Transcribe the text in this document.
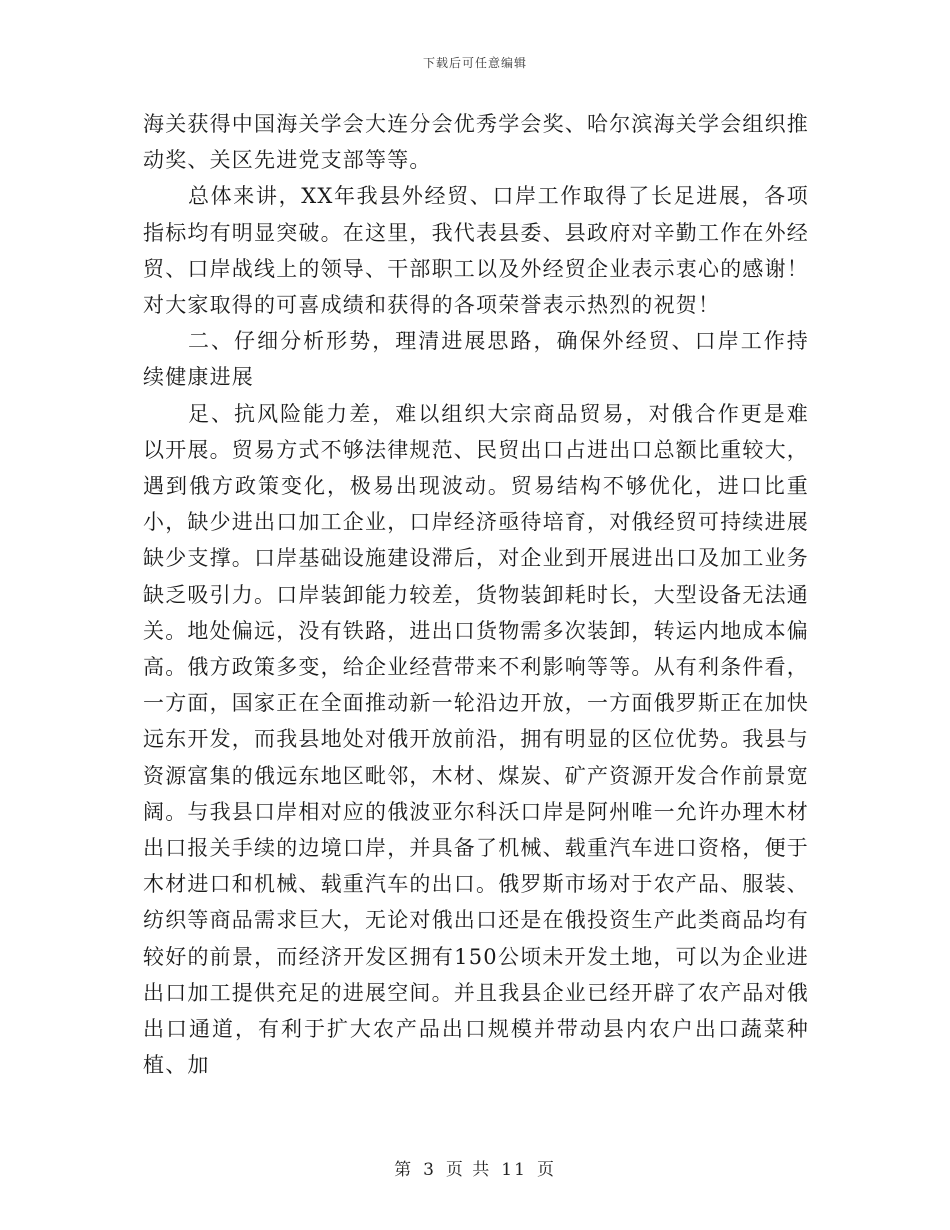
下载后可任意编辑

海关获得中国海关学会大连分会优秀学会奖、哈尔滨海关学会组织推动奖、关区先进党支部等等。

总体来讲，XX年我县外经贸、口岸工作取得了长足进展，各项指标均有明显突破。在这里，我代表县委、县政府对辛勤工作在外经贸、口岸战线上的领导、干部职工以及外经贸企业表示衷心的感谢！对大家取得的可喜成绩和获得的各项荣誉表示热烈的祝贺！

二、仔细分析形势，理清进展思路，确保外经贸、口岸工作持续健康进展

足、抗风险能力差，难以组织大宗商品贸易，对俄合作更是难以开展。贸易方式不够法律规范、民贸出口占进出口总额比重较大，遇到俄方政策变化，极易出现波动。贸易结构不够优化，进口比重小，缺少进出口加工企业，口岸经济亟待培育，对俄经贸可持续进展缺少支撑。口岸基础设施建设滞后，对企业到开展进出口及加工业务缺乏吸引力。口岸装卸能力较差，货物装卸耗时长，大型设备无法通关。地处偏远，没有铁路，进出口货物需多次装卸，转运内地成本偏高。俄方政策多变，给企业经营带来不利影响等等。从有利条件看，一方面，国家正在全面推动新一轮沿边开放，一方面俄罗斯正在加快远东开发，而我县地处对俄开放前沿，拥有明显的区位优势。我县与资源富集的俄远东地区毗邻，木材、煤炭、矿产资源开发合作前景宽阔。与我县口岸相对应的俄波亚尔科沃口岸是阿州唯一允许办理木材出口报关手续的边境口岸，并具备了机械、载重汽车进口资格，便于木材进口和机械、载重汽车的出口。俄罗斯市场对于农产品、服装、纺织等商品需求巨大，无论对俄出口还是在俄投资生产此类商品均有较好的前景，而经济开发区拥有150公顷未开发土地，可以为企业进出口加工提供充足的进展空间。并且我县企业已经开辟了农产品对俄出口通道，有利于扩大农产品出口规模并带动县内农户出口蔬菜种植、加

第 3 页 共 11 页
